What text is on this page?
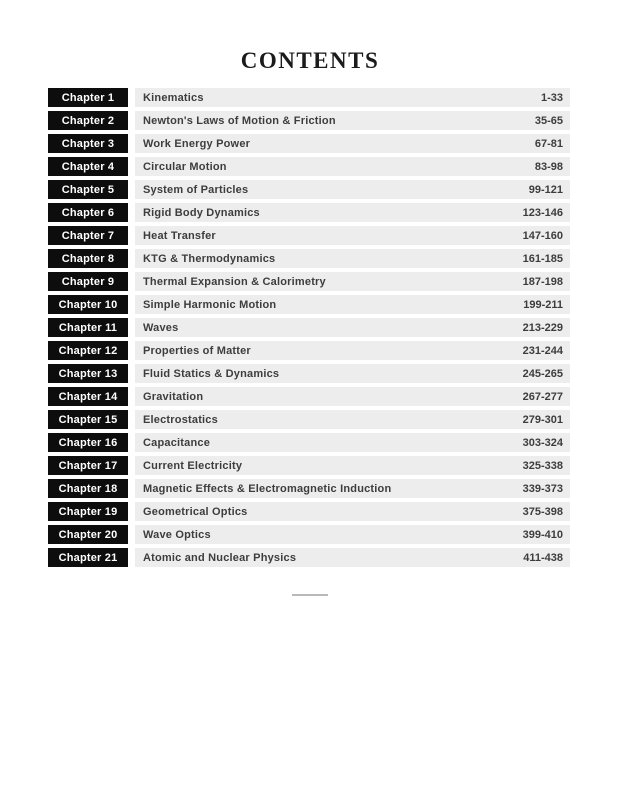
CONTENTS
Chapter 1	Kinematics	1-33
Chapter 2	Newton's Laws of Motion & Friction	35-65
Chapter 3	Work Energy Power	67-81
Chapter 4	Circular Motion	83-98
Chapter 5	System of Particles	99-121
Chapter 6	Rigid Body Dynamics	123-146
Chapter 7	Heat Transfer	147-160
Chapter 8	KTG & Thermodynamics	161-185
Chapter 9	Thermal Expansion & Calorimetry	187-198
Chapter 10	Simple Harmonic Motion	199-211
Chapter 11	Waves	213-229
Chapter 12	Properties of Matter	231-244
Chapter 13	Fluid Statics & Dynamics	245-265
Chapter 14	Gravitation	267-277
Chapter 15	Electrostatics	279-301
Chapter 16	Capacitance	303-324
Chapter 17	Current Electricity	325-338
Chapter 18	Magnetic Effects & Electromagnetic Induction	339-373
Chapter 19	Geometrical Optics	375-398
Chapter 20	Wave Optics	399-410
Chapter 21	Atomic and Nuclear Physics	411-438
